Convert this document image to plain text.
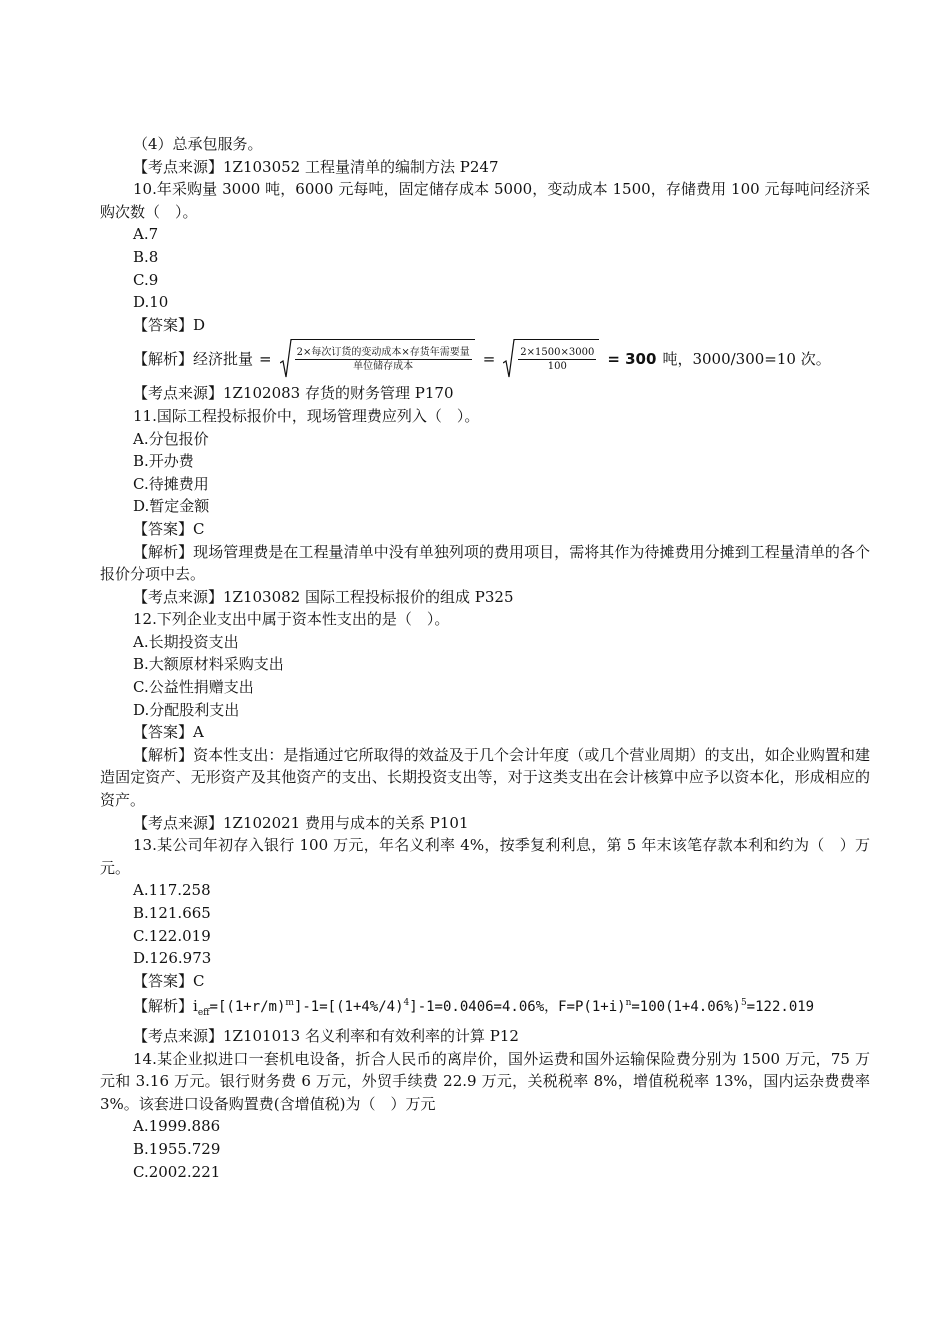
（4）总承包服务。
【考点来源】1Z103052 工程量清单的编制方法 P247
10.年采购量 3000 吨，6000 元每吨，固定储存成本 5000，变动成本 1500，存储费用 100 元每吨问经济采购次数（　）。
A.7
B.8
C.9
D.10
【答案】D
【解析】经济批量 = $\frac{\text{2×每次订货的变动成本×存货年需要量}}{\text{单位储存成本}} = \frac{2\times 1500\times 3000}{100} = 300$ 吨，3000/300=10 次。
【考点来源】1Z102083 存货的财务管理 P170
11.国际工程投标报价中，现场管理费应列入（　）。
A.分包报价
B.开办费
C.待摊费用
D.暂定金额
【答案】C
【解析】现场管理费是在工程量清单中没有单独列项的费用项目，需将其作为待摊费用分摊到工程量清单的各个报价分项中去。
【考点来源】1Z103082 国际工程投标报价的组成 P325
12.下列企业支出中属于资本性支出的是（　）。
A.长期投资支出
B.大额原材料采购支出
C.公益性捐赠支出
D.分配股利支出
【答案】A
【解析】资本性支出：是指通过它所取得的效益及于几个会计年度（或几个营业周期）的支出，如企业购置和建造固定资产、无形资产及其他资产的支出、长期投资支出等，对于这类支出在会计核算中应予以资本化，形成相应的资产。
【考点来源】1Z102021 费用与成本的关系 P101
13.某公司年初存入银行 100 万元，年名义利率 4%，按季复利利息，第 5 年末该笔存款本利和约为（　）万元。
A.117.258
B.121.665
C.122.019
D.126.973
【答案】C
【解析】$i_{eff}=[(1+r/m)^m]-1=[(1+4\%/4)^4]-1=0.0406=4.06\%$，$F=P(1+i)^n=100(1+4.06\%)^5=122.019$
【考点来源】1Z101013 名义利率和有效利率的计算 P12
14.某企业拟进口一套机电设备，折合人民币的离岸价，国外运费和国外运输保险费分别为 1500 万元，75 万元和 3.16 万元。银行财务费 6 万元，外贸手续费 22.9 万元，关税税率 8%，增值税税率 13%，国内运杂费费率 3%。该套进口设备购置费(含增值税)为（　）万元
A.1999.886
B.1955.729
C.2002.221
